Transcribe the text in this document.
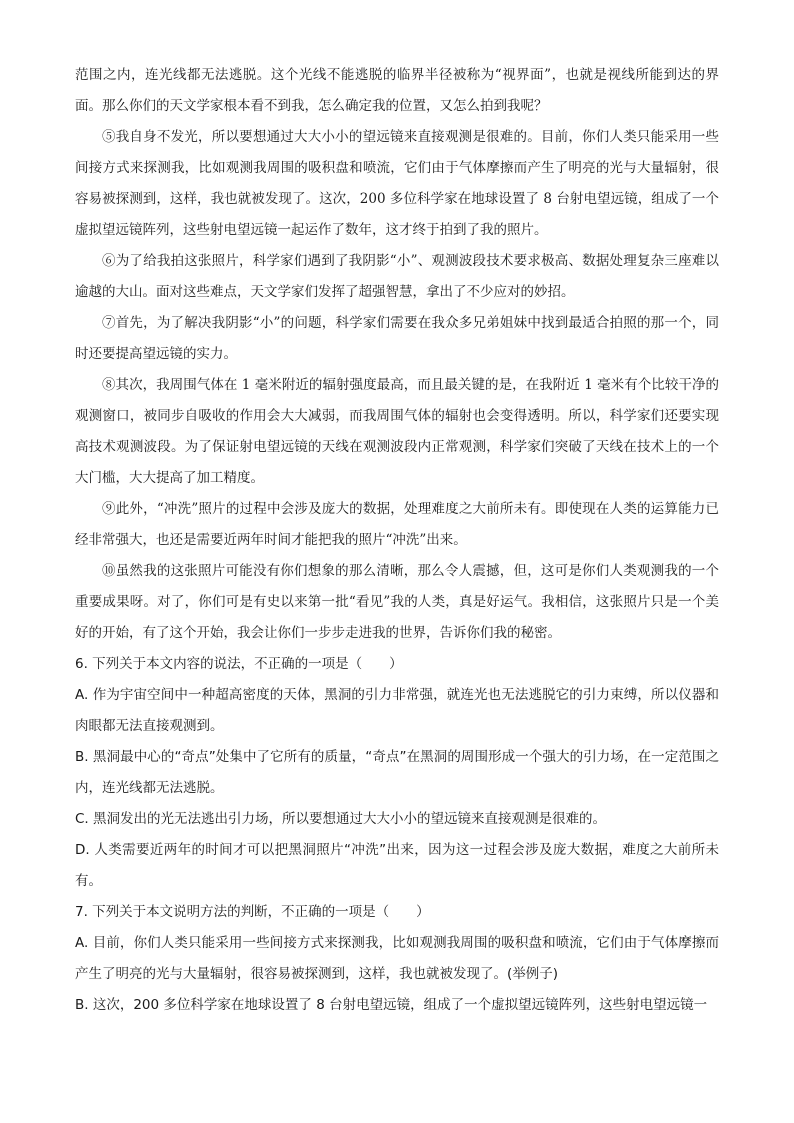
范围之内，连光线都无法逃脱。这个光线不能逃脱的临界半径被称为“视界面”，也就是视线所能到达的界面。那么你们的天文学家根本看不到我，怎么确定我的位置，又怎么拍到我呢？

⑤我自身不发光，所以要想通过大大小小的望远镜来直接观测是很难的。目前，你们人类只能采用一些间接方式来探测我，比如观测我周围的吸积盘和喷流，它们由于气体摩擦而产生了明亮的光与大量辐射，很容易被探测到，这样，我也就被发现了。这次，200 多位科学家在地球设置了 8 台射电望远镜，组成了一个虚拟望远镜阵列，这些射电望远镜一起运作了数年，这才终于拍到了我的照片。

⑥为了给我拍这张照片，科学家们遇到了我阴影“小”、观测波段技术要求极高、数据处理复杂三座难以逾越的大山。面对这些难点，天文学家们发挥了超强智慧，拿出了不少应对的妙招。

⑦首先，为了解决我阴影“小”的问题，科学家们需要在我众多兄弟姐妹中找到最适合拍照的那一个，同时还要提高望远镜的实力。

⑧其次，我周围气体在 1 毫米附近的辐射强度最高，而且最关键的是，在我附近 1 毫米有个比较干净的观测窗口，被同步自吸收的作用会大大减弱，而我周围气体的辐射也会变得透明。所以，科学家们还要实现高技术观测波段。为了保证射电望远镜的天线在观测波段内正常观测，科学家们突破了天线在技术上的一个大门槛，大大提高了加工精度。

⑨此外，“冲洗”照片的过程中会涉及庞大的数据，处理难度之大前所未有。即使现在人类的运算能力已经非常强大，也还是需要近两年时间才能把我的照片“冲洗”出来。

⑩虽然我的这张照片可能没有你们想象的那么清晰，那么令人震撼，但，这可是你们人类观测我的一个重要成果呀。对了，你们可是有史以来第一批“看见”我的人类，真是好运气。我相信，这张照片只是一个美好的开始，有了这个开始，我会让你们一步步走进我的世界，告诉你们我的秘密。

6. 下列关于本文内容的说法，不正确的一项是（　　）

A. 作为宇宙空间中一种超高密度的天体，黑洞的引力非常强，就连光也无法逃脱它的引力束缚，所以仪器和肉眼都无法直接观测到。

B. 黑洞最中心的“奇点”处集中了它所有的质量，“奇点”在黑洞的周围形成一个强大的引力场，在一定范围之内，连光线都无法逃脱。

C. 黑洞发出的光无法逃出引力场，所以要想通过大大小小的望远镜来直接观测是很难的。

D. 人类需要近两年的时间才可以把黑洞照片“冲洗”出来，因为这一过程会涉及庞大数据，难度之大前所未有。

7. 下列关于本文说明方法的判断，不正确的一项是（　　）

A. 目前，你们人类只能采用一些间接方式来探测我，比如观测我周围的吸积盘和喷流，它们由于气体摩擦而产生了明亮的光与大量辐射，很容易被探测到，这样，我也就被发现了。(举例子)

B. 这次，200 多位科学家在地球设置了 8 台射电望远镜，组成了一个虚拟望远镜阵列，这些射电望远镜一
